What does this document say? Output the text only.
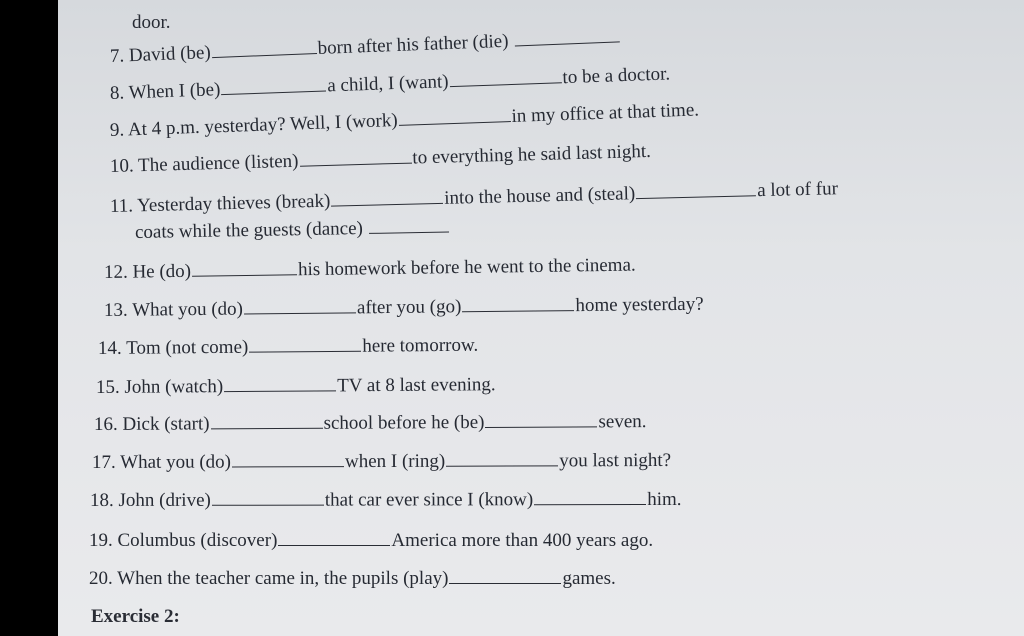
door.
7. David (be)	born after his father (die)
8. When I (be)	a child, I (want)	to be a doctor.
9. At 4 p.m. yesterday? Well, I (work)	in my office at that time.
10. The audience (listen)	to everything he said last night.
11. Yesterday thieves (break)	into the house and (steal)	a lot of fur
coats while the guests (dance)
12. He (do)	his homework before he went to the cinema.
13. What you (do)	after you (go)	home yesterday?
14. Tom (not come)	here tomorrow.
15. John (watch)	TV at 8 last evening.
16. Dick (start)	school before he (be)	seven.
17. What you (do)	when I (ring)	you last night?
18. John (drive)	that car ever since I (know)	him.
19. Columbus (discover)	America more than 400 years ago.
20. When the teacher came in, the pupils (play)	games.
Exercise 2:
